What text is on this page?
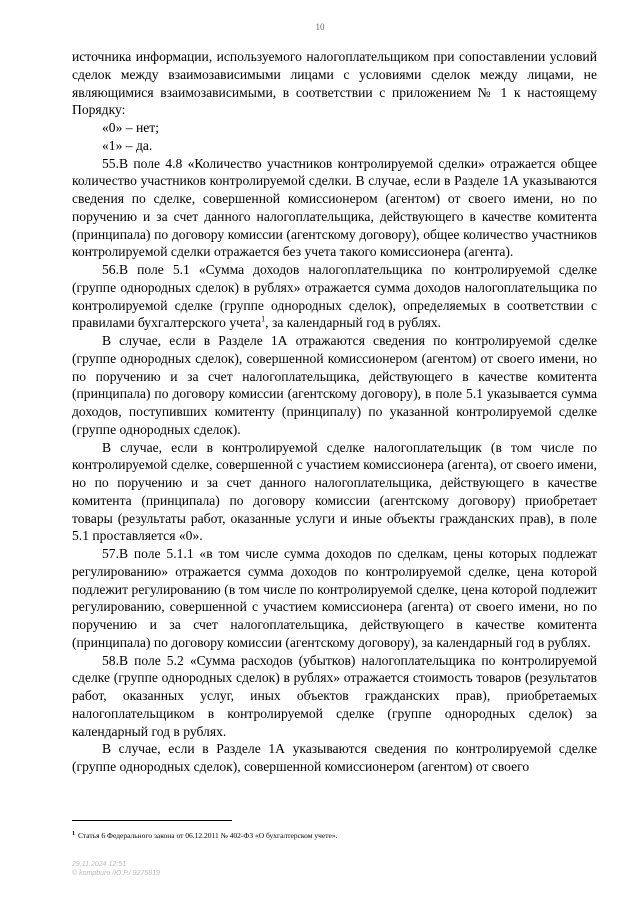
10

источника информации, используемого налогоплательщиком при сопоставлении условий сделок между взаимозависимыми лицами с условиями сделок между лицами, не являющимися взаимозависимыми, в соответствии с приложением № 1 к настоящему Порядку:

«0» – нет;

«1» – да.

55.В поле 4.8 «Количество участников контролируемой сделки» отражается общее количество участников контролируемой сделки. В случае, если в Разделе 1А указываются сведения по сделке, совершенной комиссионером (агентом) от своего имени, но по поручению и за счет данного налогоплательщика, действующего в качестве комитента (принципала) по договору комиссии (агентскому договору), общее количество участников контролируемой сделки отражается без учета такого комиссионера (агента).

56.В поле 5.1 «Сумма доходов налогоплательщика по контролируемой сделке (группе однородных сделок) в рублях» отражается сумма доходов налогоплательщика по контролируемой сделке (группе однородных сделок), определяемых в соответствии с правилами бухгалтерского учета$^1$, за календарный год в рублях.

В случае, если в Разделе 1А отражаются сведения по контролируемой сделке (группе однородных сделок), совершенной комиссионером (агентом) от своего имени, но по поручению и за счет налогоплательщика, действующего в качестве комитента (принципала) по договору комиссии (агентскому договору), в поле 5.1 указывается сумма доходов, поступивших комитенту (принципалу) по указанной контролируемой сделке (группе однородных сделок).

В случае, если в контролируемой сделке налогоплательщик (в том числе по контролируемой сделке, совершенной с участием комиссионера (агента), от своего имени, но по поручению и за счет данного налогоплательщика, действующего в качестве комитента (принципала) по договору комиссии (агентскому договору) приобретает товары (результаты работ, оказанные услуги и иные объекты гражданских прав), в поле 5.1 проставляется «0».

57.В поле 5.1.1 «в том числе сумма доходов по сделкам, цены которых подлежат регулированию» отражается сумма доходов по контролируемой сделке, цена которой подлежит регулированию (в том числе по контролируемой сделке, цена которой подлежит регулированию, совершенной с участием комиссионера (агента) от своего имени, но по поручению и за счет налогоплательщика, действующего в качестве комитента (принципала) по договору комиссии (агентскому договору), за календарный год в рублях.

58.В поле 5.2 «Сумма расходов (убытков) налогоплательщика по контролируемой сделке (группе однородных сделок) в рублях» отражается стоимость товаров (результатов работ, оказанных услуг, иных объектов гражданских прав), приобретаемых налогоплательщиком в контролируемой сделке (группе однородных сделок) за календарный год в рублях.

В случае, если в Разделе 1А указываются сведения по контролируемой сделке (группе однородных сделок), совершенной комиссионером (агентом) от своего

$^1$ Статья 6 Федерального закона от 06.12.2011 № 402-ФЗ «О бухгалтерском учете».
29.11.2024 12:51
© kompburo /Ю.Р./ 9275819
